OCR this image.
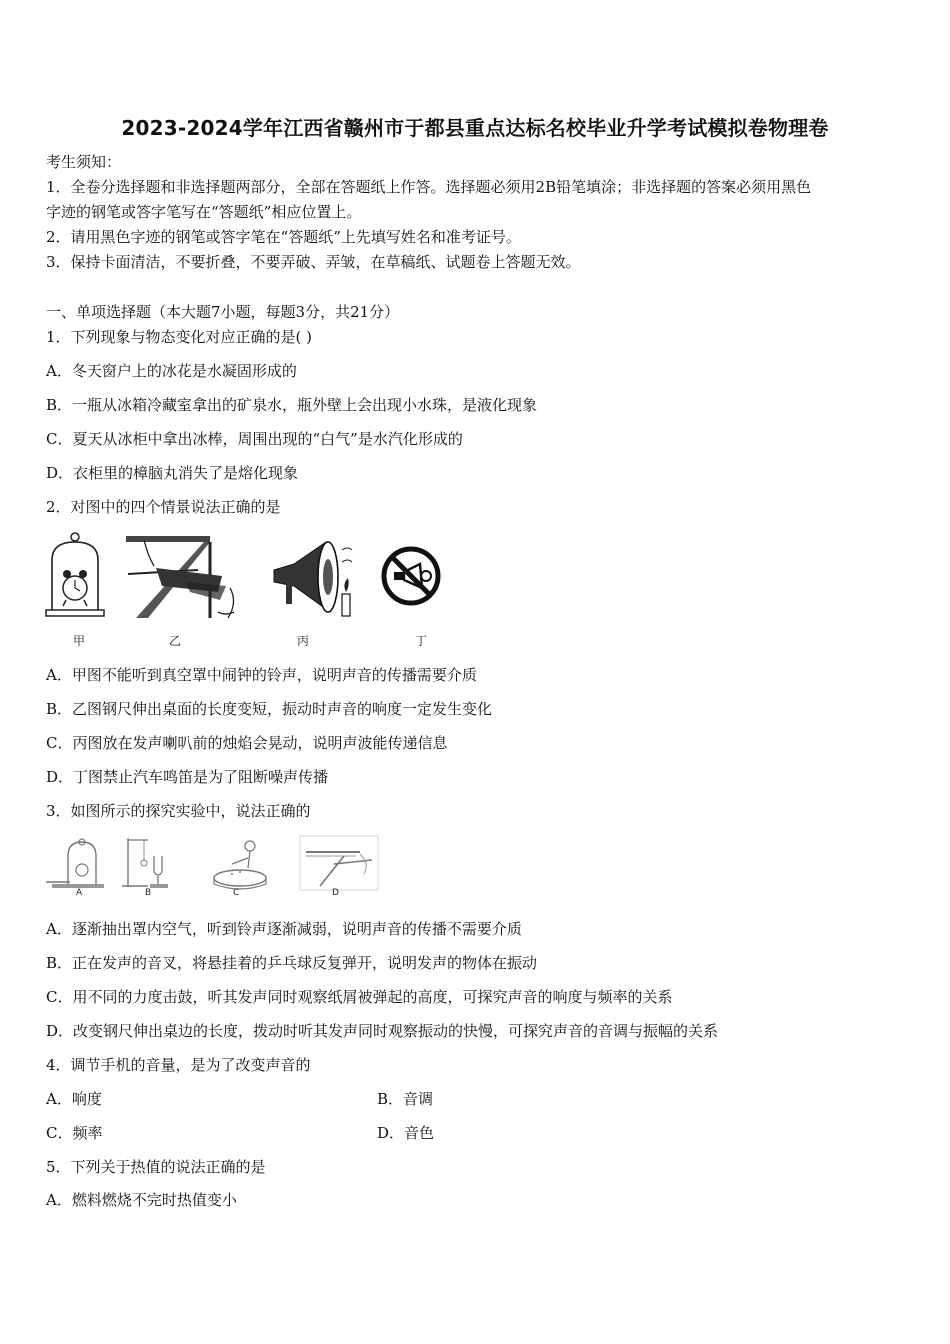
2023-2024学年江西省赣州市于都县重点达标名校毕业升学考试模拟卷物理卷
考生须知：
1．全卷分选择题和非选择题两部分，全部在答题纸上作答。选择题必须用2B铅笔填涂；非选择题的答案必须用黑色
字迹的钢笔或答字笔写在“答题纸”相应位置上。
2．请用黑色字迹的钢笔或答字笔在“答题纸”上先填写姓名和准考证号。
3．保持卡面清洁，不要折叠，不要弄破、弄皱，在草稿纸、试题卷上答题无效。
一、单项选择题（本大题7小题，每题3分，共21分）
1．下列现象与物态变化对应正确的是( )
A．冬天窗户上的冰花是水凝固形成的
B．一瓶从冰箱冷藏室拿出的矿泉水，瓶外壁上会出现小水珠，是液化现象
C．夏天从冰柜中拿出冰棒，周围出现的“白气”是水汽化形成的
D．衣柜里的樟脑丸消失了是熔化现象
2．对图中的四个情景说法正确的是
甲	乙	丙	丁
A．甲图不能听到真空罩中闹钟的铃声，说明声音的传播需要介质
B．乙图钢尺伸出桌面的长度变短，振动时声音的响度一定发生变化
C．丙图放在发声喇叭前的烛焰会晃动，说明声波能传递信息
D．丁图禁止汽车鸣笛是为了阻断噪声传播
3．如图所示的探究实验中，说法正确的
A	B	C	D
A．逐渐抽出罩内空气，听到铃声逐渐减弱，说明声音的传播不需要介质
B．正在发声的音叉，将悬挂着的乒乓球反复弹开，说明发声的物体在振动
C．用不同的力度击鼓，听其发声同时观察纸屑被弹起的高度，可探究声音的响度与频率的关系
D．改变钢尺伸出桌边的长度，拨动时听其发声同时观察振动的快慢，可探究声音的音调与振幅的关系
4．调节手机的音量，是为了改变声音的
A．响度	B．音调
C．频率	D．音色
5．下列关于热值的说法正确的是
A．燃料燃烧不完时热值变小
